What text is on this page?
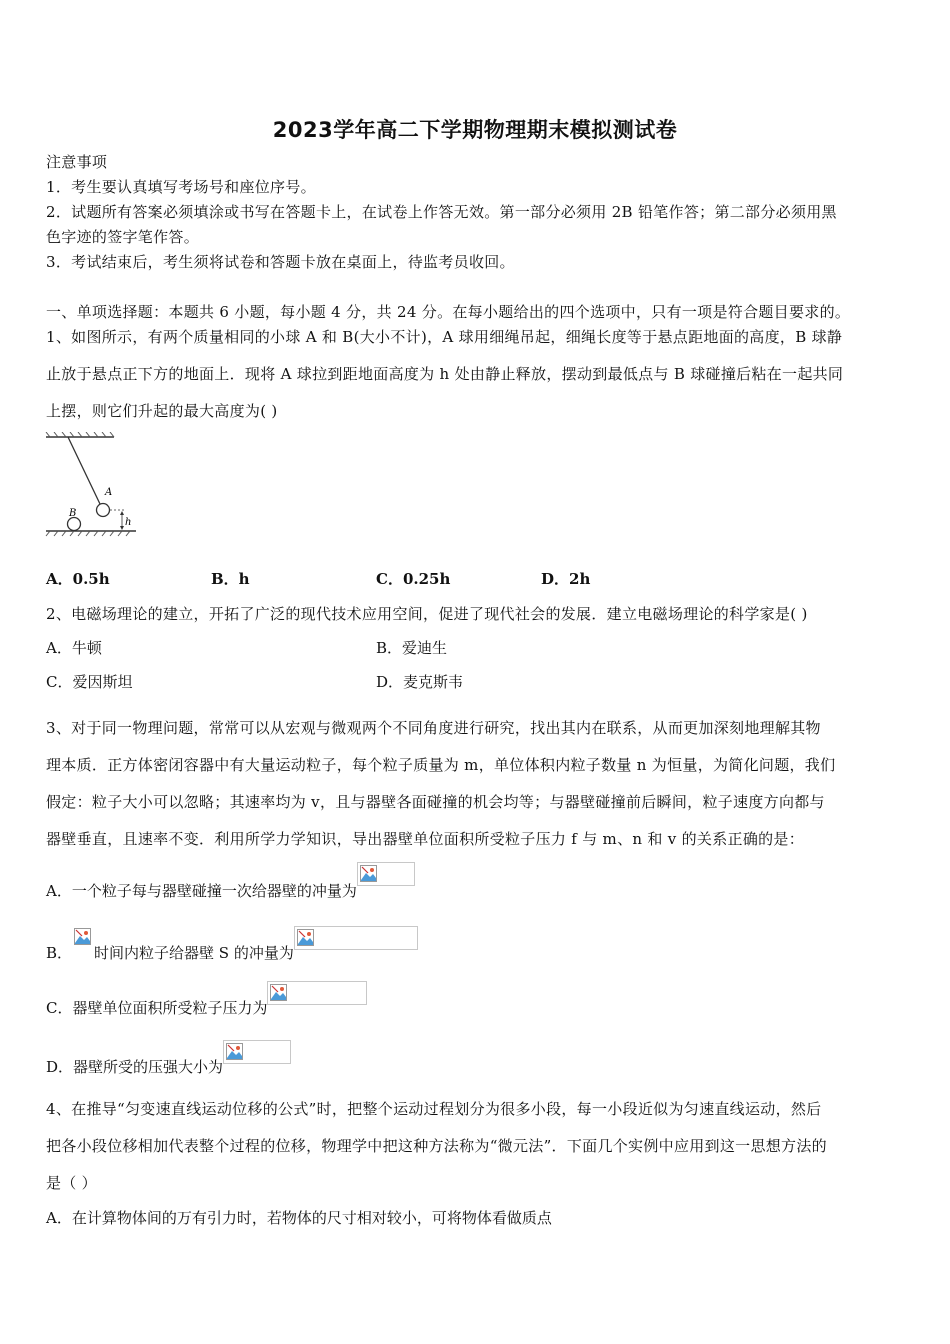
2023学年高二下学期物理期末模拟测试卷
注意事项
1．考生要认真填写考场号和座位序号。
2．试题所有答案必须填涂或书写在答题卡上，在试卷上作答无效。第一部分必须用 2B 铅笔作答；第二部分必须用黑
色字迹的签字笔作答。
3．考试结束后，考生须将试卷和答题卡放在桌面上，待监考员收回。
一、单项选择题：本题共 6 小题，每小题 4 分，共 24 分。在每小题给出的四个选项中，只有一项是符合题目要求的。
1、如图所示，有两个质量相同的小球 A 和 B(大小不计)，A 球用细绳吊起，细绳长度等于悬点距地面的高度，B 球静
止放于悬点正下方的地面上．现将 A 球拉到距地面高度为 h 处由静止释放，摆动到最低点与 B 球碰撞后粘在一起共同
上摆，则它们升起的最大高度为( )
A
B
h
A．0.5h	B．h	C．0.25h	D．2h
2、电磁场理论的建立，开拓了广泛的现代技术应用空间，促进了现代社会的发展．建立电磁场理论的科学家是( )
A．牛顿	B．爱迪生
C．爱因斯坦	D．麦克斯韦
3、对于同一物理问题，常常可以从宏观与微观两个不同角度进行研究，找出其内在联系，从而更加深刻地理解其物
理本质．正方体密闭容器中有大量运动粒子，每个粒子质量为 m，单位体积内粒子数量 n 为恒量，为简化问题，我们
假定：粒子大小可以忽略；其速率均为 v，且与器壁各面碰撞的机会均等；与器壁碰撞前后瞬间，粒子速度方向都与
器壁垂直，且速率不变．利用所学力学知识，导出器壁单位面积所受粒子压力 f 与 m、n 和 v 的关系正确的是：
A．一个粒子每与器壁碰撞一次给器壁的冲量为
B． 时间内粒子给器壁 S 的冲量为
C．器壁单位面积所受粒子压力为
D．器壁所受的压强大小为
4、在推导“匀变速直线运动位移的公式”时，把整个运动过程划分为很多小段，每一小段近似为匀速直线运动，然后
把各小段位移相加代表整个过程的位移，物理学中把这种方法称为“微元法”．下面几个实例中应用到这一思想方法的
是（ ）
A．在计算物体间的万有引力时，若物体的尺寸相对较小，可将物体看做质点
